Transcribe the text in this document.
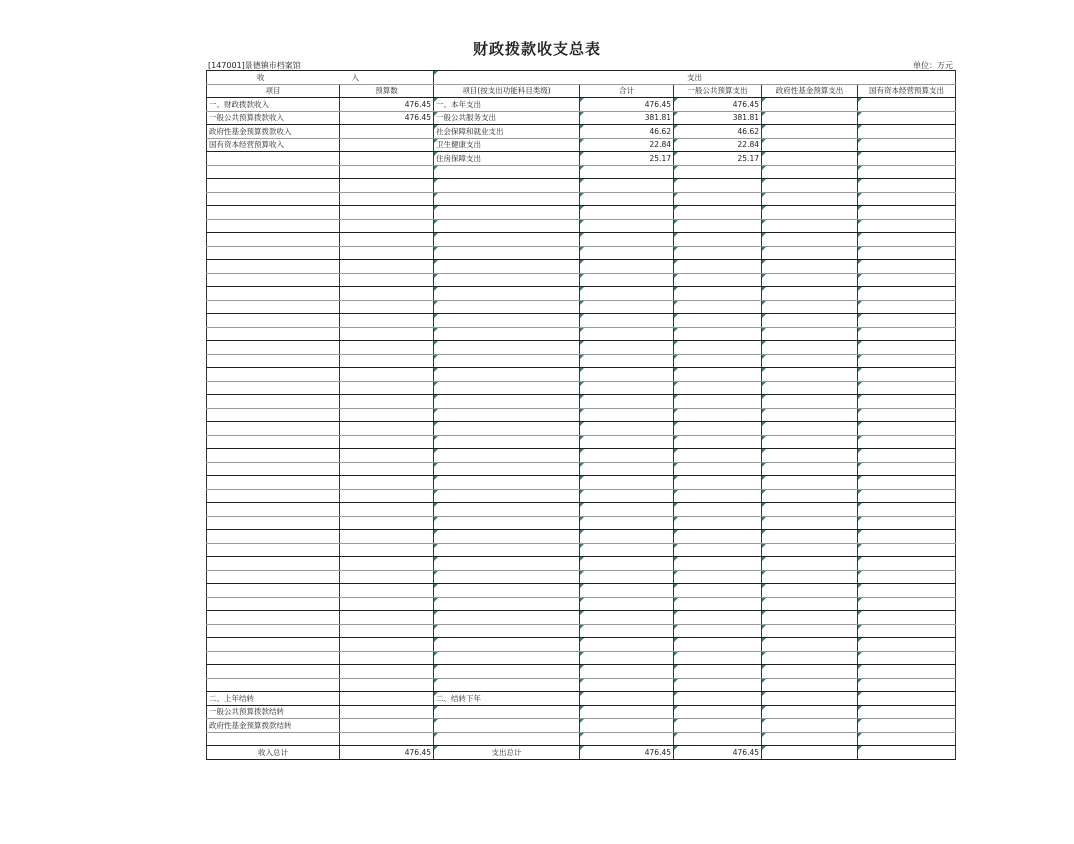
财政拨款收支总表
[147001]景德镇市档案馆	单位：万元
收　　入		支出				
项目	预算数	项目(按支出功能科目类级)	合计	一般公共预算支出	政府性基金预算支出	国有资本经营预算支出
一、财政拨款收入	476.45	一、本年支出	476.45	476.45		
一般公共预算拨款收入	476.45	一般公共服务支出	381.81	381.81		
政府性基金预算拨款收入		社会保障和就业支出	46.62	46.62		
国有资本经营预算收入		卫生健康支出	22.84	22.84		
		住房保障支出	25.17	25.17		

二、上年结转		二、结转下年				
一般公共预算拨款结转						
政府性基金预算拨款结转						

收入总计	476.45	支出总计	476.45	476.45		
